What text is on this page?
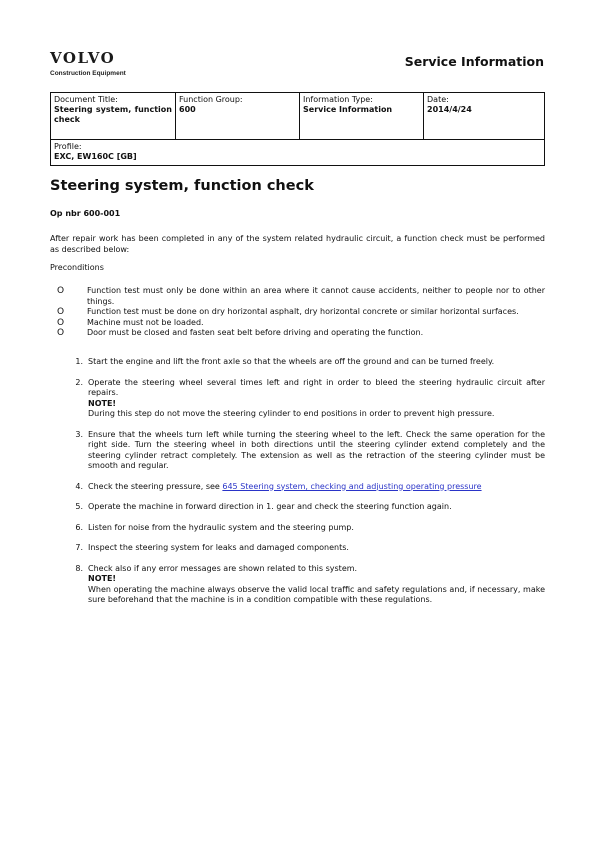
VOLVO
Construction Equipment
Service Information
Document Title:
Steering system, function check
Function Group:
600
Information Type:
Service Information
Date:
2014/4/24
Profile:
EXC, EW160C [GB]
Steering system, function check
Op nbr 600-001
After repair work has been completed in any of the system related hydraulic circuit, a function check must be performed as described below:
Preconditions
O	Function test must only be done within an area where it cannot cause accidents, neither to people nor to other things.
O	Function test must be done on dry horizontal asphalt, dry horizontal concrete or similar horizontal surfaces.
O	Machine must not be loaded.
O	Door must be closed and fasten seat belt before driving and operating the function.
1. Start the engine and lift the front axle so that the wheels are off the ground and can be turned freely.
2. Operate the steering wheel several times left and right in order to bleed the steering hydraulic circuit after repairs.
NOTE!
During this step do not move the steering cylinder to end positions in order to prevent high pressure.
3. Ensure that the wheels turn left while turning the steering wheel to the left. Check the same operation for the right side. Turn the steering wheel in both directions until the steering cylinder extend completely and the steering cylinder retract completely. The extension as well as the retraction of the steering cylinder must be smooth and regular.
4. Check the steering pressure, see 645 Steering system, checking and adjusting operating pressure
5. Operate the machine in forward direction in 1. gear and check the steering function again.
6. Listen for noise from the hydraulic system and the steering pump.
7. Inspect the steering system for leaks and damaged components.
8. Check also if any error messages are shown related to this system.
NOTE!
When operating the machine always observe the valid local traffic and safety regulations and, if necessary, make sure beforehand that the machine is in a condition compatible with these regulations.
